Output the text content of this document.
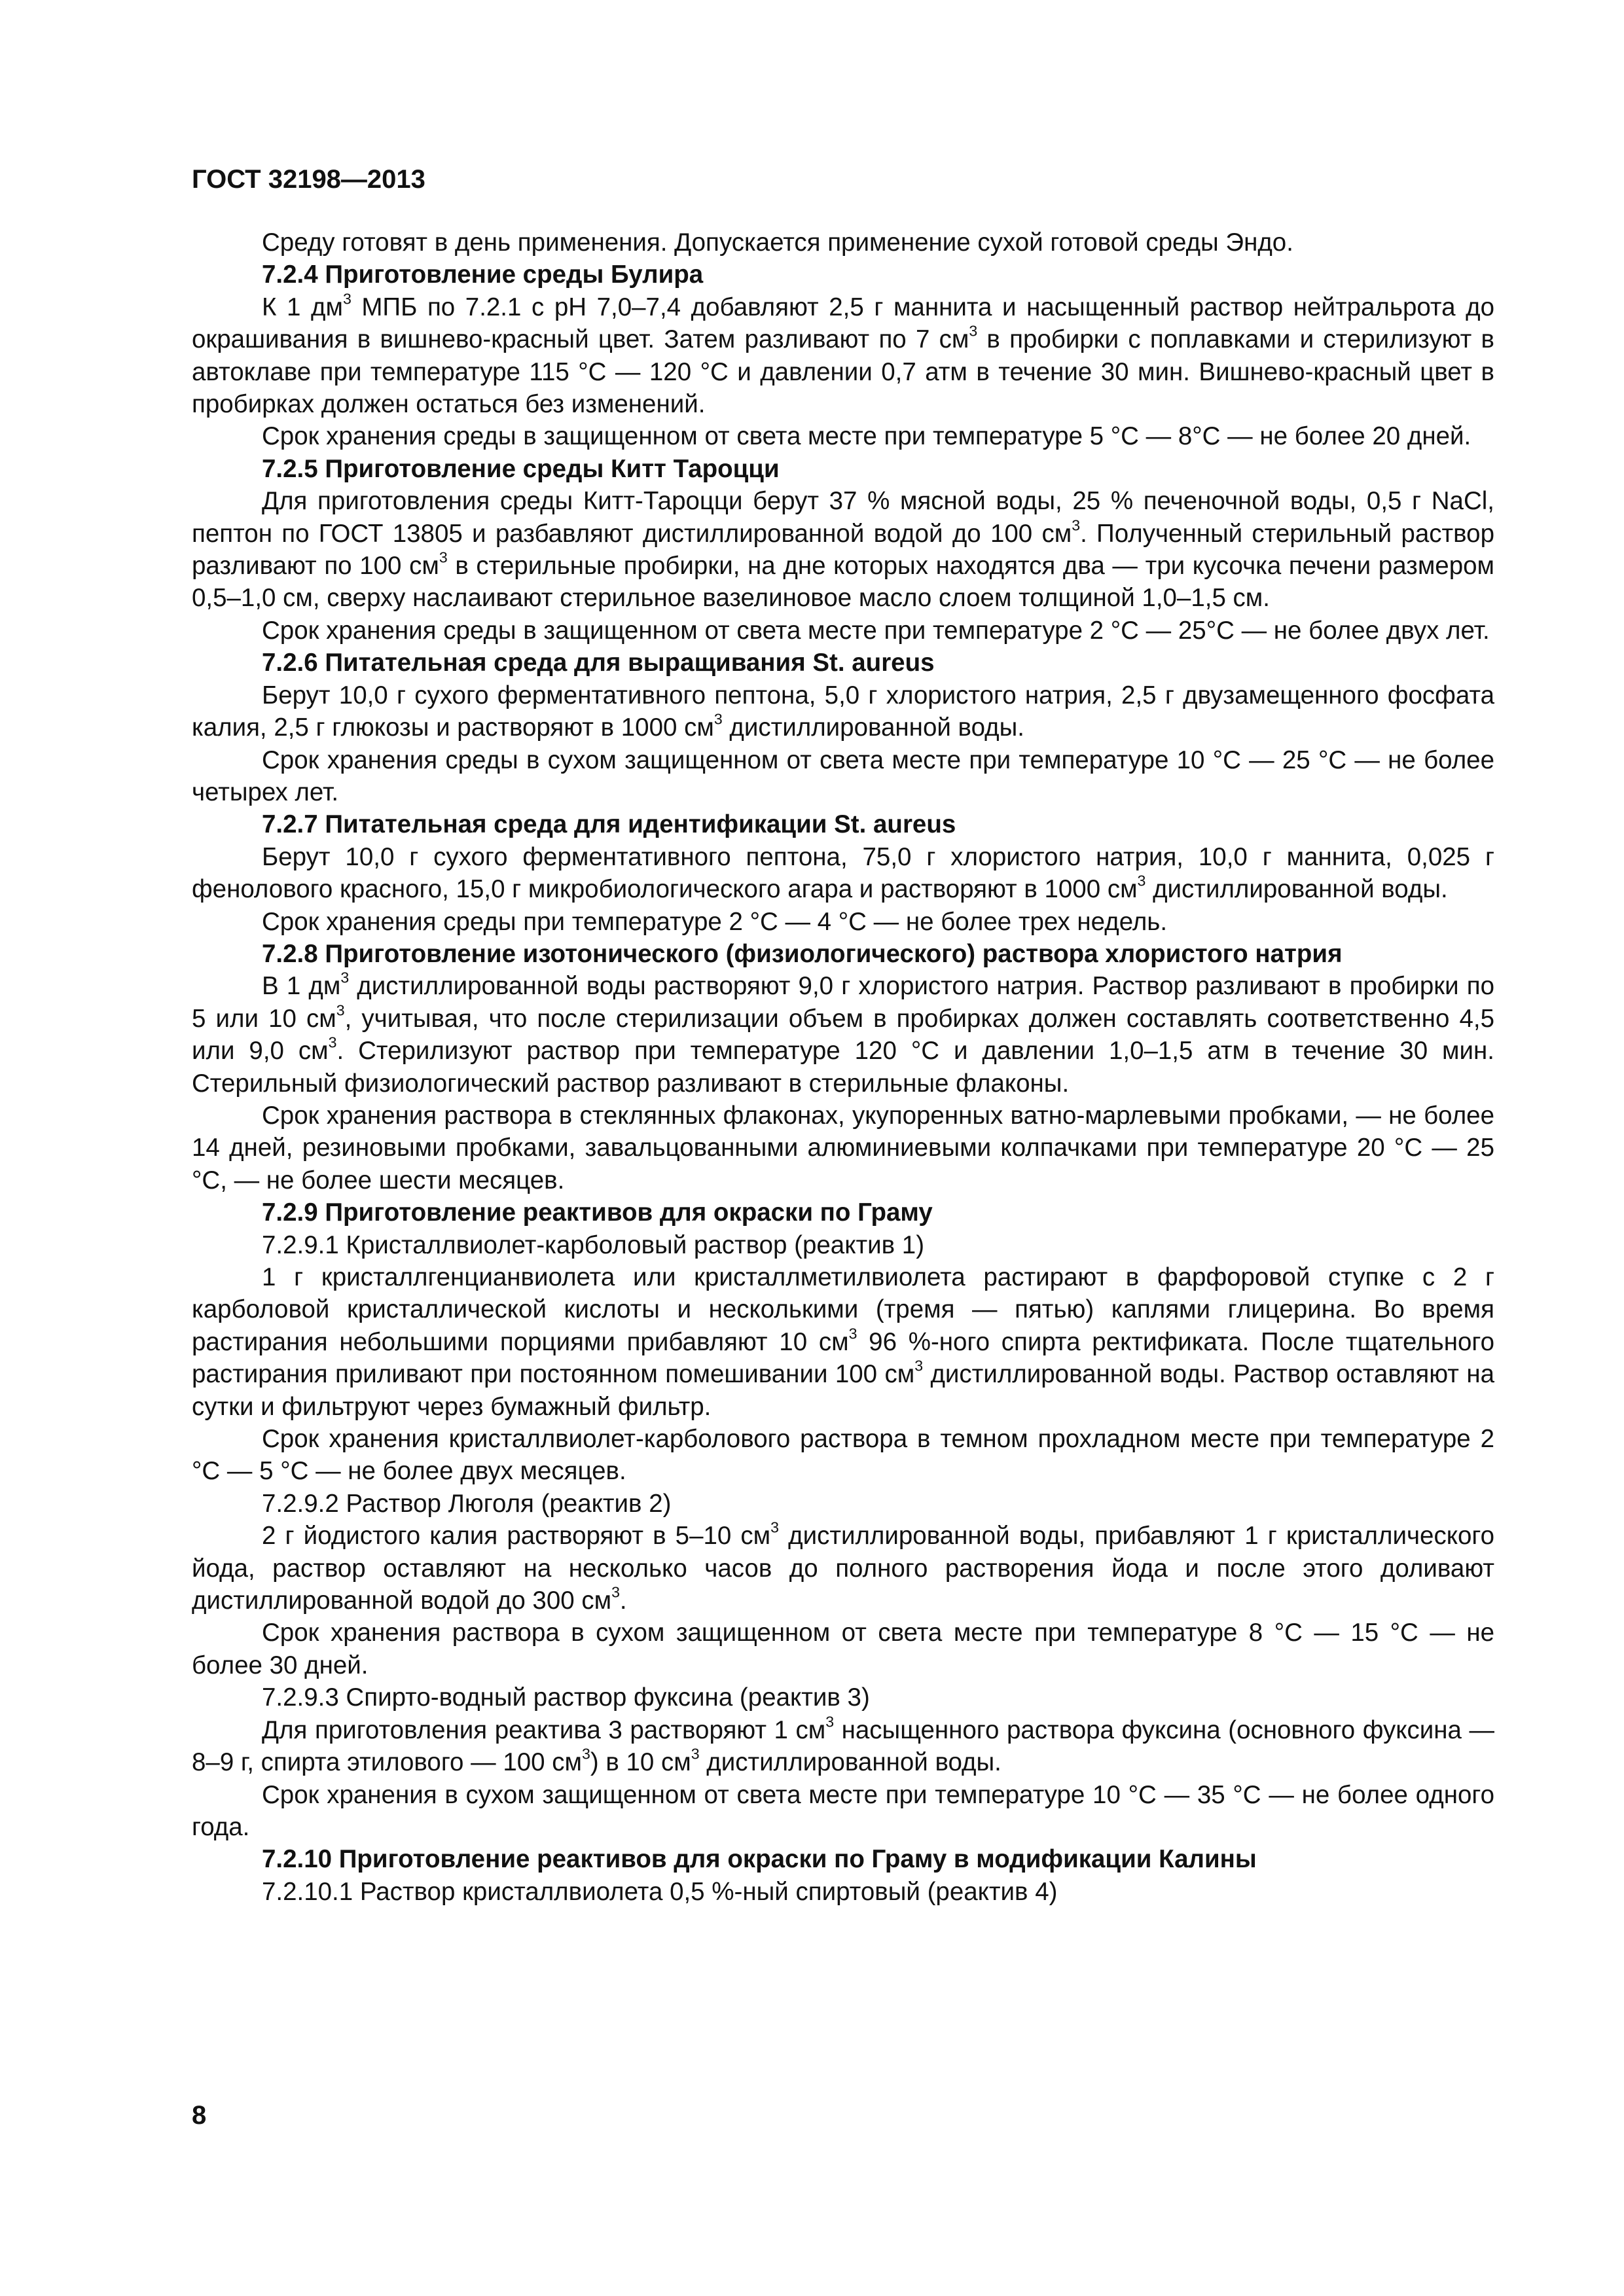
ГОСТ 32198—2013

Среду готовят в день применения. Допускается применение сухой готовой среды Эндо.

7.2.4 Приготовление среды Булира

К 1 $дм^3$ МПБ по 7.2.1 с рН 7,0–7,4 добавляют 2,5 г маннита и насыщенный раствор нейтральрота до окрашивания в вишнево-красный цвет. Затем разливают по 7 $см^3$ в пробирки с поплавками и стерилизуют в автоклаве при температуре 115 °С — 120 °С и давлении 0,7 атм в течение 30 мин. Вишнево-красный цвет в пробирках должен остаться без изменений.

Срок хранения среды в защищенном от света месте при температуре 5 °С — 8°С — не более 20 дней.

7.2.5 Приготовление среды Китт Тароцци

Для приготовления среды Китт-Тароцци берут 37 % мясной воды, 25 % печеночной воды, 0,5 г NaCl, пептон по ГОСТ 13805 и разбавляют дистиллированной водой до 100 $см^3$. Полученный стерильный раствор разливают по 100 $см^3$ в стерильные пробирки, на дне которых находятся два — три кусочка печени размером 0,5–1,0 см, сверху наслаивают стерильное вазелиновое масло слоем толщиной 1,0–1,5 см.

Срок хранения среды в защищенном от света месте при температуре 2 °С — 25°С — не более двух лет.

7.2.6 Питательная среда для выращивания St. aureus

Берут 10,0 г сухого ферментативного пептона, 5,0 г хлористого натрия, 2,5 г двузамещенного фосфата калия, 2,5 г глюкозы и растворяют в 1000 $см^3$ дистиллированной воды.

Срок хранения среды в сухом защищенном от света месте при температуре 10 °С — 25 °С — не более четырех лет.

7.2.7 Питательная среда для идентификации St. aureus

Берут 10,0 г сухого ферментативного пептона, 75,0 г хлористого натрия, 10,0 г маннита, 0,025 г фенолового красного, 15,0 г микробиологического агара и растворяют в 1000 $см^3$ дистиллированной воды.

Срок хранения среды при температуре 2 °С — 4 °С — не более трех недель.

7.2.8 Приготовление изотонического (физиологического) раствора хлористого натрия

В 1 $дм^3$ дистиллированной воды растворяют 9,0 г хлористого натрия. Раствор разливают в пробирки по 5 или 10 $см^3$, учитывая, что после стерилизации объем в пробирках должен составлять соответственно 4,5 или 9,0 $см^3$. Стерилизуют раствор при температуре 120 °С и давлении 1,0–1,5 атм в течение 30 мин. Стерильный физиологический раствор разливают в стерильные флаконы.

Срок хранения раствора в стеклянных флаконах, укупоренных ватно-марлевыми пробками, — не более 14 дней, резиновыми пробками, завальцованными алюминиевыми колпачками при температуре 20 °С — 25 °С, — не более шести месяцев.

7.2.9 Приготовление реактивов для окраски по Граму

7.2.9.1 Кристаллвиолет-карболовый раствор (реактив 1)

1 г кристаллгенцианвиолета или кристаллметилвиолета растирают в фарфоровой ступке с 2 г карболовой кристаллической кислоты и несколькими (тремя — пятью) каплями глицерина. Во время растирания небольшими порциями прибавляют 10 $см^3$ 96 %-ного спирта ректификата. После тщательного растирания приливают при постоянном помешивании 100 $см^3$ дистиллированной воды. Раствор оставляют на сутки и фильтруют через бумажный фильтр.

Срок хранения кристаллвиолет-карболового раствора в темном прохладном месте при температуре 2 °С — 5 °С — не более двух месяцев.

7.2.9.2 Раствор Люголя (реактив 2)

2 г йодистого калия растворяют в 5–10 $см^3$ дистиллированной воды, прибавляют 1 г кристаллического йода, раствор оставляют на несколько часов до полного растворения йода и после этого доливают дистиллированной водой до 300 $см^3$.

Срок хранения раствора в сухом защищенном от света месте при температуре 8 °С — 15 °С — не более 30 дней.

7.2.9.3 Спирто-водный раствор фуксина (реактив 3)

Для приготовления реактива 3 растворяют 1 $см^3$ насыщенного раствора фуксина (основного фуксина — 8–9 г, спирта этилового — 100 $см^3$) в 10 $см^3$ дистиллированной воды.

Срок хранения в сухом защищенном от света месте при температуре 10 °С — 35 °С — не более одного года.

7.2.10 Приготовление реактивов для окраски по Граму в модификации Калины

7.2.10.1 Раствор кристаллвиолета 0,5 %-ный спиртовый (реактив 4)

8
